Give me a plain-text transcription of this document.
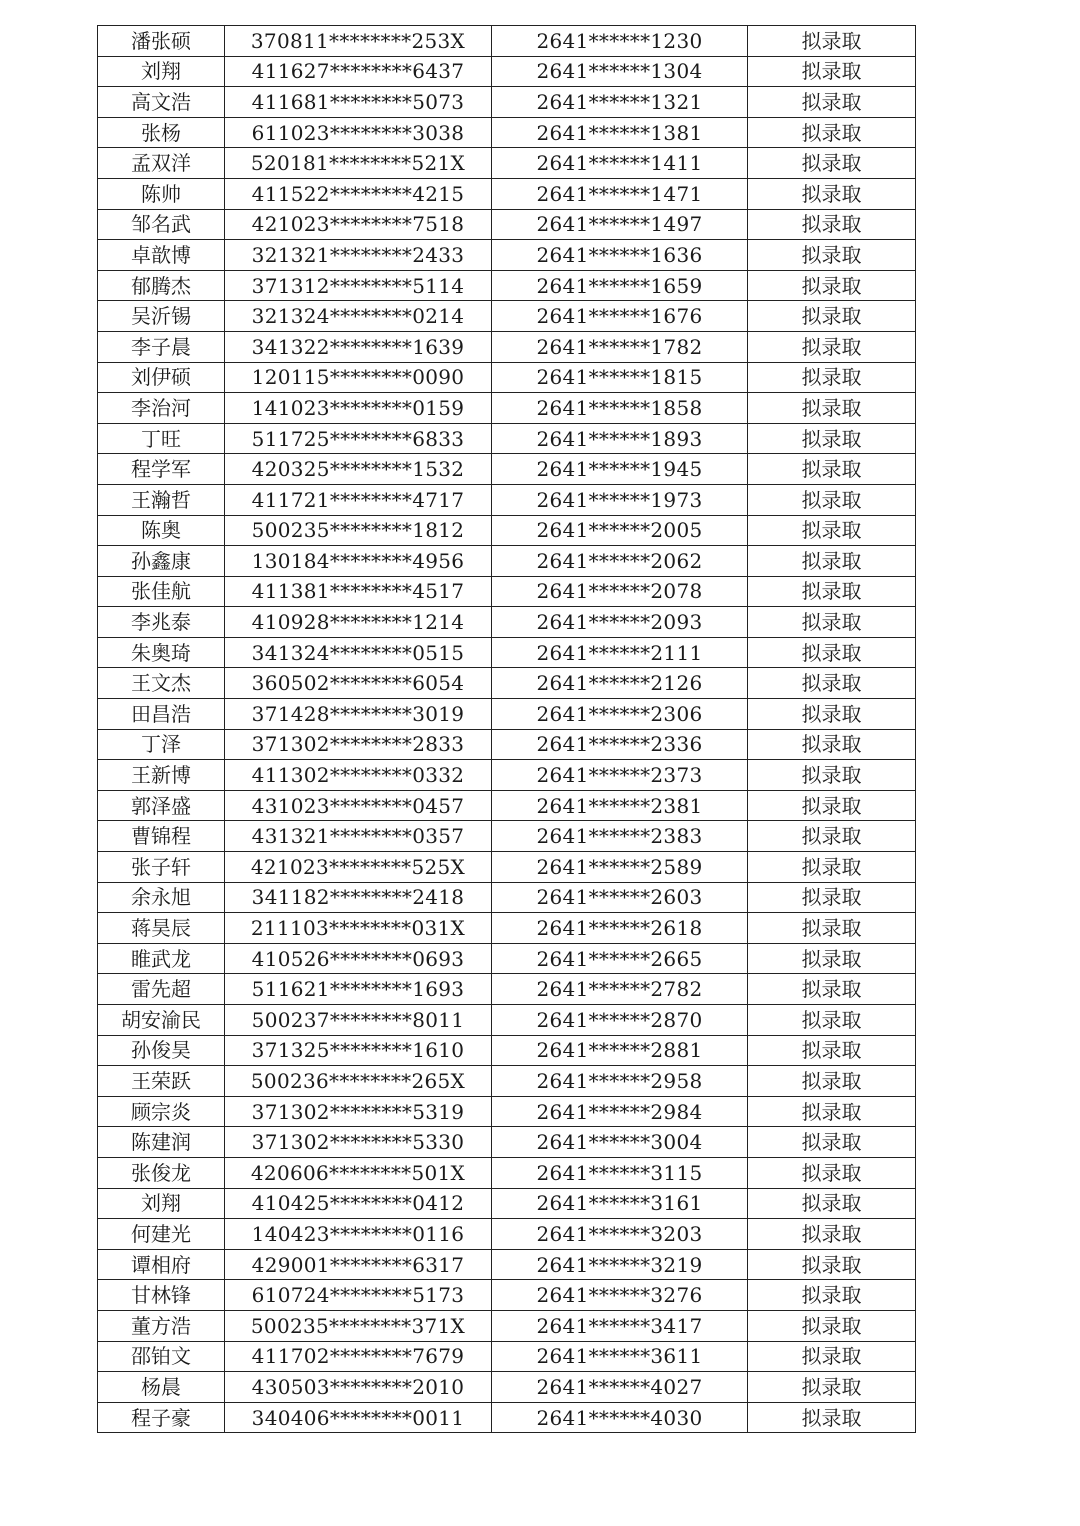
潘张硕	370811********253X	2641******1230	拟录取
刘翔	411627********6437	2641******1304	拟录取
高文浩	411681********5073	2641******1321	拟录取
张杨	611023********3038	2641******1381	拟录取
孟双洋	520181********521X	2641******1411	拟录取
陈帅	411522********4215	2641******1471	拟录取
邹名武	421023********7518	2641******1497	拟录取
卓歆博	321321********2433	2641******1636	拟录取
郁腾杰	371312********5114	2641******1659	拟录取
吴沂锡	321324********0214	2641******1676	拟录取
李子晨	341322********1639	2641******1782	拟录取
刘伊硕	120115********0090	2641******1815	拟录取
李治河	141023********0159	2641******1858	拟录取
丁旺	511725********6833	2641******1893	拟录取
程学军	420325********1532	2641******1945	拟录取
王瀚哲	411721********4717	2641******1973	拟录取
陈奥	500235********1812	2641******2005	拟录取
孙鑫康	130184********4956	2641******2062	拟录取
张佳航	411381********4517	2641******2078	拟录取
李兆泰	410928********1214	2641******2093	拟录取
朱奥琦	341324********0515	2641******2111	拟录取
王文杰	360502********6054	2641******2126	拟录取
田昌浩	371428********3019	2641******2306	拟录取
丁泽	371302********2833	2641******2336	拟录取
王新博	411302********0332	2641******2373	拟录取
郭泽盛	431023********0457	2641******2381	拟录取
曹锦程	431321********0357	2641******2383	拟录取
张子轩	421023********525X	2641******2589	拟录取
余永旭	341182********2418	2641******2603	拟录取
蒋昊辰	211103********031X	2641******2618	拟录取
睢武龙	410526********0693	2641******2665	拟录取
雷先超	511621********1693	2641******2782	拟录取
胡安渝民	500237********8011	2641******2870	拟录取
孙俊昊	371325********1610	2641******2881	拟录取
王荣跃	500236********265X	2641******2958	拟录取
顾宗炎	371302********5319	2641******2984	拟录取
陈建润	371302********5330	2641******3004	拟录取
张俊龙	420606********501X	2641******3115	拟录取
刘翔	410425********0412	2641******3161	拟录取
何建光	140423********0116	2641******3203	拟录取
谭相府	429001********6317	2641******3219	拟录取
甘林锋	610724********5173	2641******3276	拟录取
董方浩	500235********371X	2641******3417	拟录取
邵铂文	411702********7679	2641******3611	拟录取
杨晨	430503********2010	2641******4027	拟录取
程子豪	340406********0011	2641******4030	拟录取
